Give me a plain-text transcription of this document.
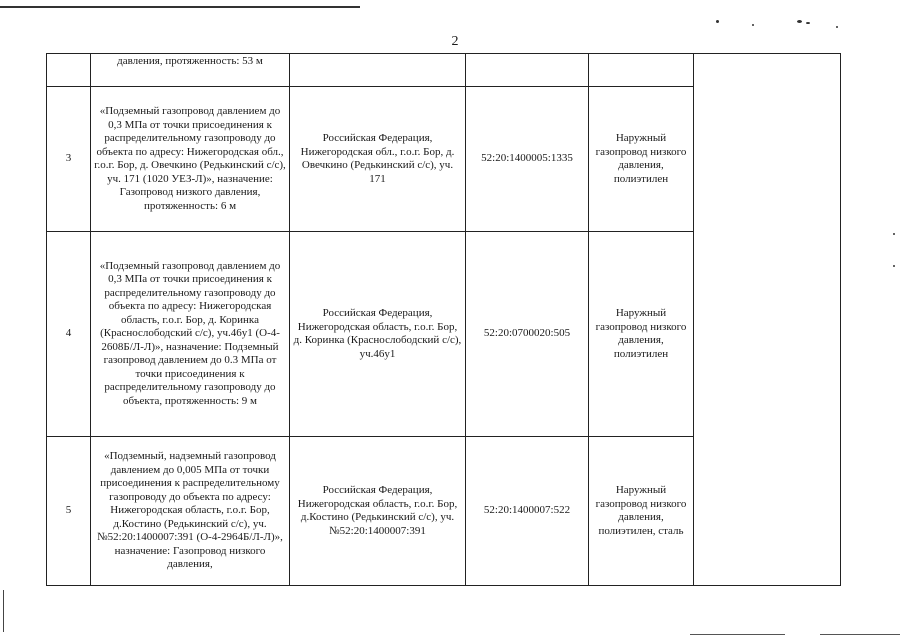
2
	давления, протяженность: 53 м				
3	«Подземный газопровод давлением до 0,3 МПа от точки присоединения к распределительному газопроводу до объекта по адресу: Нижегородская обл., г.о.г. Бор, д. Овечкино (Редькинский с/с), уч. 171 (1020 УЕЗ-Л)», назначение: Газопровод низкого давления, протяженность: 6 м	Российская Федерация, Нижегородская обл., г.о.г. Бор, д. Овечкино (Редькинский с/с), уч. 171	52:20:1400005:1335	Наружный газопровод низкого давления, полиэтилен	
4	«Подземный газопровод давлением до 0,3 МПа от точки присоединения к распределительному газопроводу до объекта по адресу: Нижегородская область, г.о.г. Бор, д. Коринка (Краснослободский с/с), уч.46у1 (О-4-2608Б/Л-Л)», назначение: Подземный газопровод давлением до 0.3 МПа от точки присоединения к распределительному газопроводу до объекта, протяженность: 9 м	Российская Федерация, Нижегородская область, г.о.г. Бор, д. Коринка (Краснослободский с/с), уч.46у1	52:20:0700020:505	Наружный газопровод низкого давления, полиэтилен	
5	«Подземный, надземный газопровод давлением до 0,005 МПа от точки присоединения к распределительному газопроводу до объекта по адресу: Нижегородская область, г.о.г. Бор, д.Костино (Редькинский с/с), уч.№52:20:1400007:391 (О-4-2964Б/Л-Л)», назначение: Газопровод низкого давления,	Российская Федерация, Нижегородская область, г.о.г. Бор, д.Костино (Редькинский с/с), уч.№52:20:1400007:391	52:20:1400007:522	Наружный газопровод низкого давления, полиэтилен, сталь	
